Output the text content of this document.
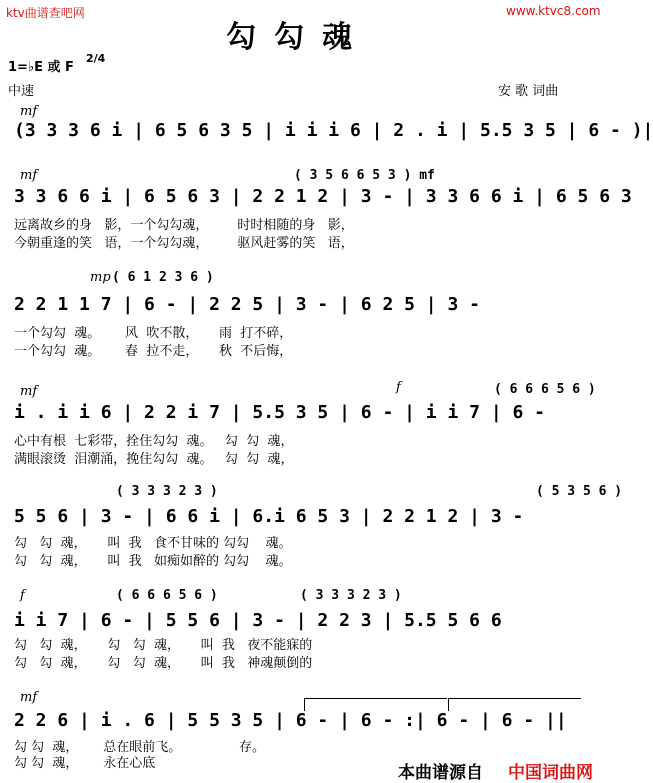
ktv曲谱查吧网	www.ktvc8.com
勾勾魂
1=♭E 或 F
2/4
中速	安 歌 词曲
mf
(3 3 3 6 i | 6 5 6 3 5 | i i i 6 | 2 . i | 5.5 3 5 | 6 - )|
mf	( 3 5 6 6 5 3 ) mf
3 3 6 6 i | 6 5 6 3 | 2 2 1 2 | 3 - | 3 3 6 6 i | 6 5 6 3
远离故乡的身   影，一个勾勾魂，       时时相随的身   影，
今朝重逢的笑   语，一个勾勾魂，       驱风赶雾的笑   语，
mp ( 6 1 2 3 6 )
2 2 1 1 7 | 6 - | 2 2 5 | 3 - | 6 2 5 | 3 -
一个勾勾  魂。      风  吹不散，     雨  打不碎，
一个勾勾  魂。      春  拉不走，     秋  不后悔，
mf	f	( 6 6 6 5 6 )
i . i i 6 | 2 2 i 7 | 5.5 3 5 | 6 - | i i 7 | 6 -
心中有根  七彩带，拴住勾勾  魂。   勾  勾  魂，
满眼滚烫  泪潮涌，挽住勾勾  魂。   勾  勾  魂，
( 3 3 3 2 3 )	( 5 3 5 6 )
5 5 6 | 3 - | 6 6 i | 6.i 6 5 3 | 2 2 1 2 | 3 -
勾   勾  魂，     叫  我   食不甘味的 勾勾    魂。
勾   勾  魂，     叫  我   如痴如醉的 勾勾    魂。
f	( 6 6 6 5 6 )	( 3 3 3 2 3 )
i i 7 | 6 - | 5 5 6 | 3 - | 2 2 3 | 5.5 5 6 6
勾   勾  魂，     勾   勾  魂，     叫  我   夜不能寐的
勾   勾  魂，     勾   勾  魂，     叫  我   神魂颠倒的
mf
2 2 6 | i . 6 | 5 5 3 5 | 6 - | 6 - :| 6 - | 6 - ||
勾 勾  魂，      总在眼前飞。              存。
勾 勾  魂，      永在心底	本曲谱源自 中国词曲网
